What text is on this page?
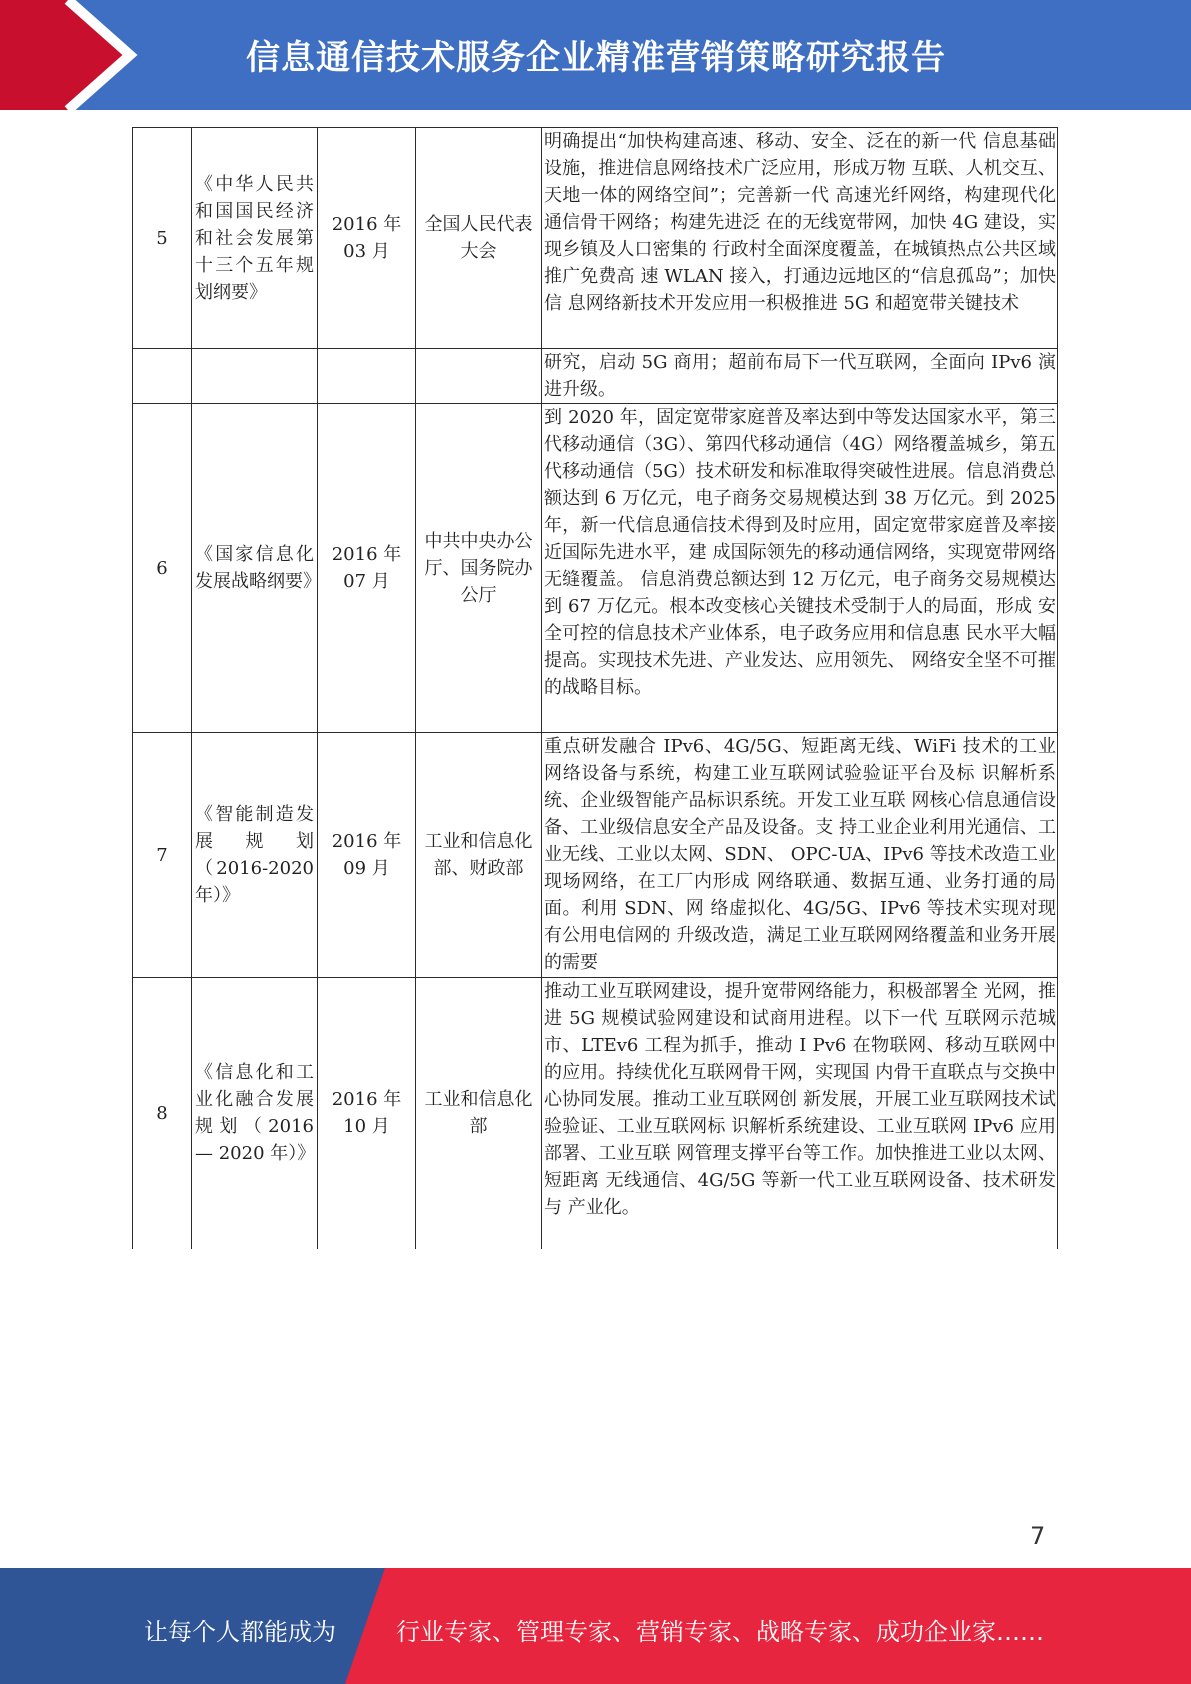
信息通信技术服务企业精准营销策略研究报告
5	《中华人民共和国国民经济和社会发展第十三个五年规划纲要》	2016 年 03 月	全国人民代表大会	明确提出“加快构建高速、移动、安全、泛在的新一代 信息基础设施，推进信息网络技术广泛应用，形成万物 互联、人机交互、天地一体的网络空间”；完善新一代 高速光纤网络，构建现代化通信骨干网络；构建先进泛 在的无线宽带网，加快 4G 建设，实现乡镇及人口密集的 行政村全面深度覆盖，在城镇热点公共区域推广免费高 速 WLAN 接入，打通边远地区的“信息孤岛”；加快信 息网络新技术开发应用一积极推进 5G 和超宽带关键技术
				研究，启动 5G 商用；超前布局下一代互联网，全面向 IPv6 演进升级。
6	《国家信息化发展战略纲要》	2016 年 07 月	中共中央办公厅、国务院办公厅	到 2020 年，固定宽带家庭普及率达到中等发达国家水平，第三代移动通信（3G）、第四代移动通信（4G）网络覆盖城乡，第五代移动通信（5G）技术研发和标准取得突破性进展。信息消费总额达到 6 万亿元，电子商务交易规模达到 38 万亿元。到 2025 年，新一代信息通信技术得到及时应用，固定宽带家庭普及率接近国际先进水平，建 成国际领先的移动通信网络，实现宽带网络无缝覆盖。 信息消费总额达到 12 万亿元，电子商务交易规模达到 67 万亿元。根本改变核心关键技术受制于人的局面，形成 安全可控的信息技术产业体系，电子政务应用和信息惠 民水平大幅提高。实现技术先进、产业发达、应用领先、 网络安全坚不可摧的战略目标。
7	《智能制造发展规划（2016-2020 年）》	2016 年 09 月	工业和信息化部、财政部	重点研发融合 IPv6、4G/5G、短距离无线、WiFi 技术的工业网络设备与系统，构建工业互联网试验验证平台及标 识解析系统、企业级智能产品标识系统。开发工业互联 网核心信息通信设备、工业级信息安全产品及设备。支 持工业企业利用光通信、工业无线、工业以太网、SDN、 OPC-UA、IPv6 等技术改造工业现场网络，在工厂内形成 网络联通、数据互通、业务打通的局面。利用 SDN、网 络虚拟化、4G/5G、IPv6 等技术实现对现有公用电信网的 升级改造，满足工业互联网网络覆盖和业务开展的需要
8	《信息化和工业化融合发展规划（2016 — 2020 年）》	2016 年 10 月	工业和信息化部	推动工业互联网建设，提升宽带网络能力，积极部署全 光网，推进 5G 规模试验网建设和试商用进程。以下一代 互联网示范城市、LTEv6 工程为抓手，推动 I Pv6 在物联网、移动互联网中的应用。持续优化互联网骨干网，实现国 内骨干直联点与交换中心协同发展。推动工业互联网创 新发展，开展工业互联网技术试验验证、工业互联网标 识解析系统建设、工业互联网 IPv6 应用部署、工业互联 网管理支撑平台等工作。加快推进工业以太网、短距离 无线通信、4G/5G 等新一代工业互联网设备、技术研发与 产业化。
7
让每个人都能成为	行业专家、管理专家、营销专家、战略专家、成功企业家……
